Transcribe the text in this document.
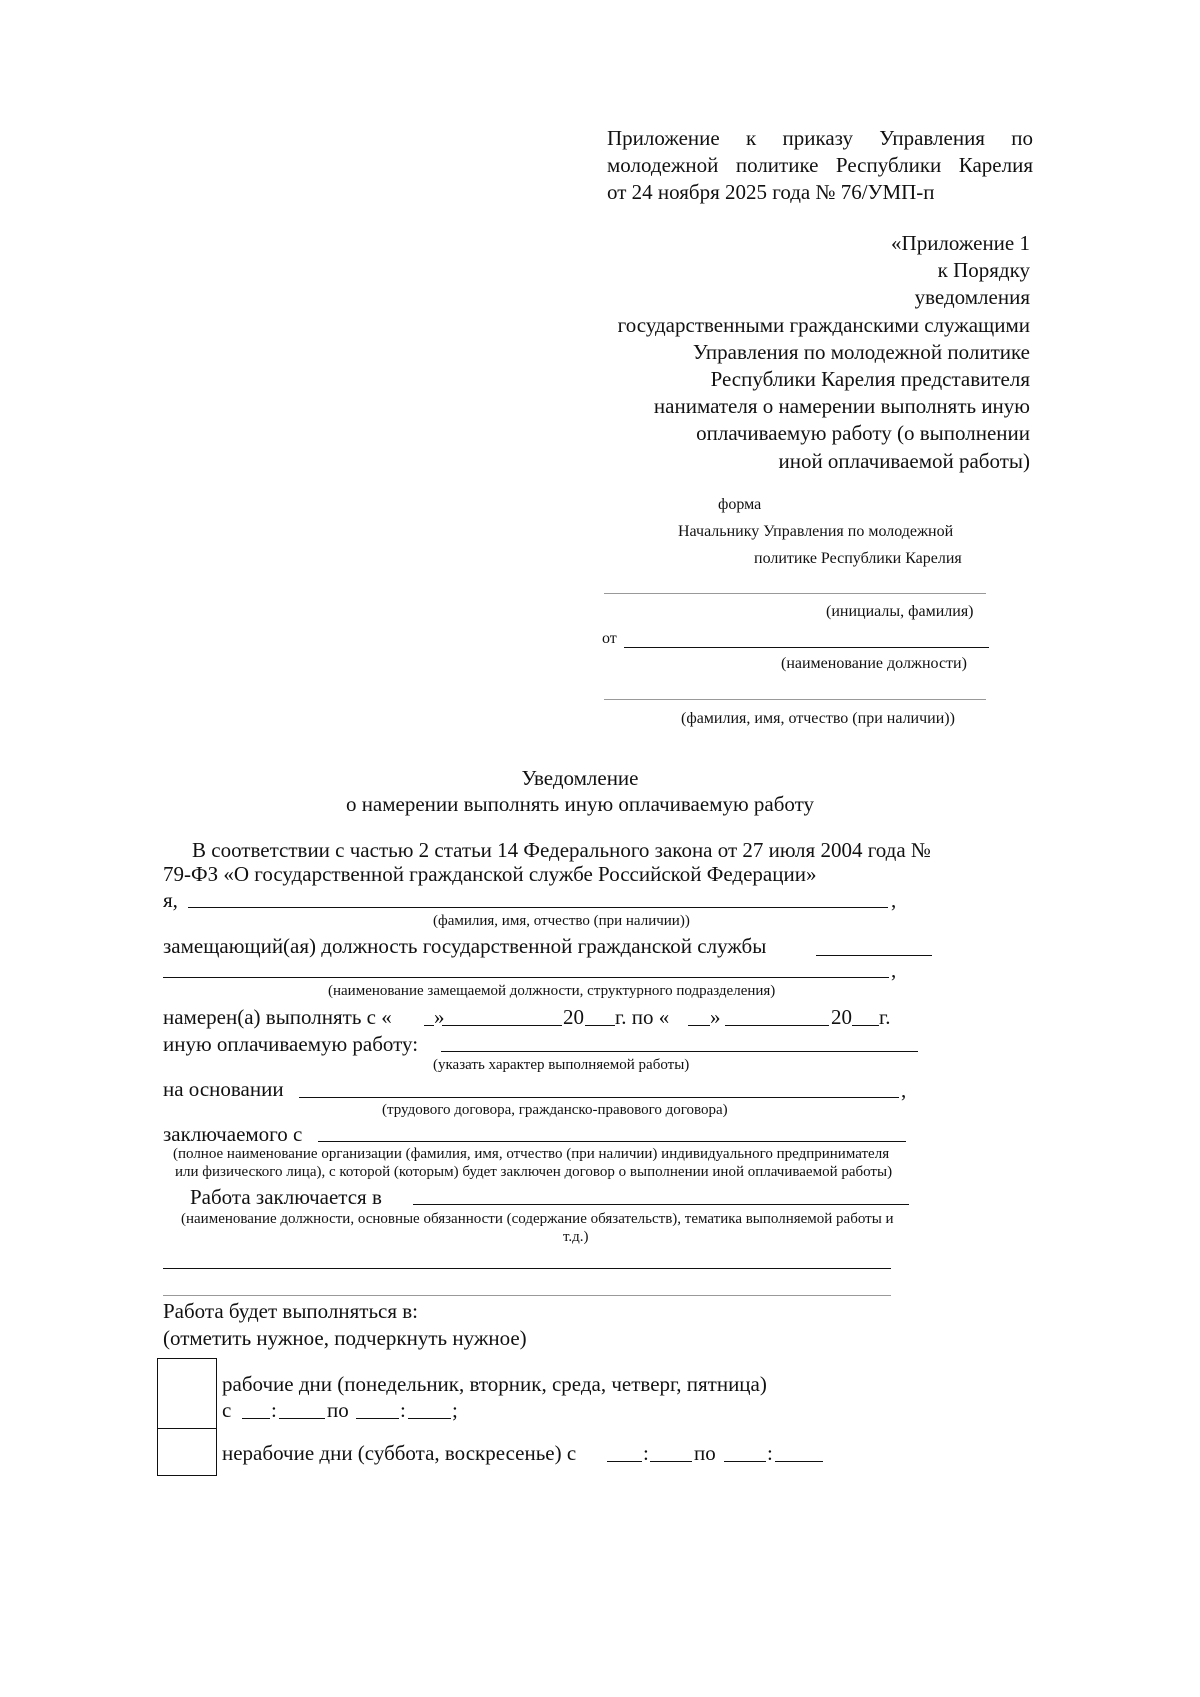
Приложение к приказу Управления по
молодежной политике Республики Карелия
от 24 ноября 2025 года № 76/УМП-п
«Приложение 1
к Порядку
уведомления
государственными гражданскими служащими
Управления по молодежной политике
Республики Карелия представителя
нанимателя о намерении выполнять иную
оплачиваемую работу (о выполнении
иной оплачиваемой работы)
форма
Начальнику Управления по молодежной
политике Республики Карелия
(инициалы, фамилия)
от
(наименование должности)
(фамилия, имя, отчество (при наличии))
Уведомление
о намерении выполнять иную оплачиваемую работу
В соответствии с частью 2 статьи 14 Федерального закона от 27 июля 2004 года №
79-ФЗ «О государственной гражданской службе Российской Федерации»
я,	,
(фамилия, имя, отчество (при наличии))
замещающий(ая) должность государственной гражданской службы
,
(наименование замещаемой должности, структурного подразделения)
намерен(а) выполнять с « »	20 г. по « »	20 г.
иную оплачиваемую работу:
(указать характер выполняемой работы)
на основании	,
(трудового договора, гражданско-правового договора)
заключаемого с
(полное наименование организации (фамилия, имя, отчество (при наличии) индивидуального предпринимателя
или физического лица), с которой (которым) будет заключен договор о выполнении иной оплачиваемой работы)
Работа заключается в
(наименование должности, основные обязанности (содержание обязательств), тематика выполняемой работы и
т.д.)
Работа будет выполняться в:
(отметить нужное, подчеркнуть нужное)
рабочие дни (понедельник, вторник, среда, четверг, пятница)
с : по : ;
нерабочие дни (суббота, воскресенье) с	: по :
